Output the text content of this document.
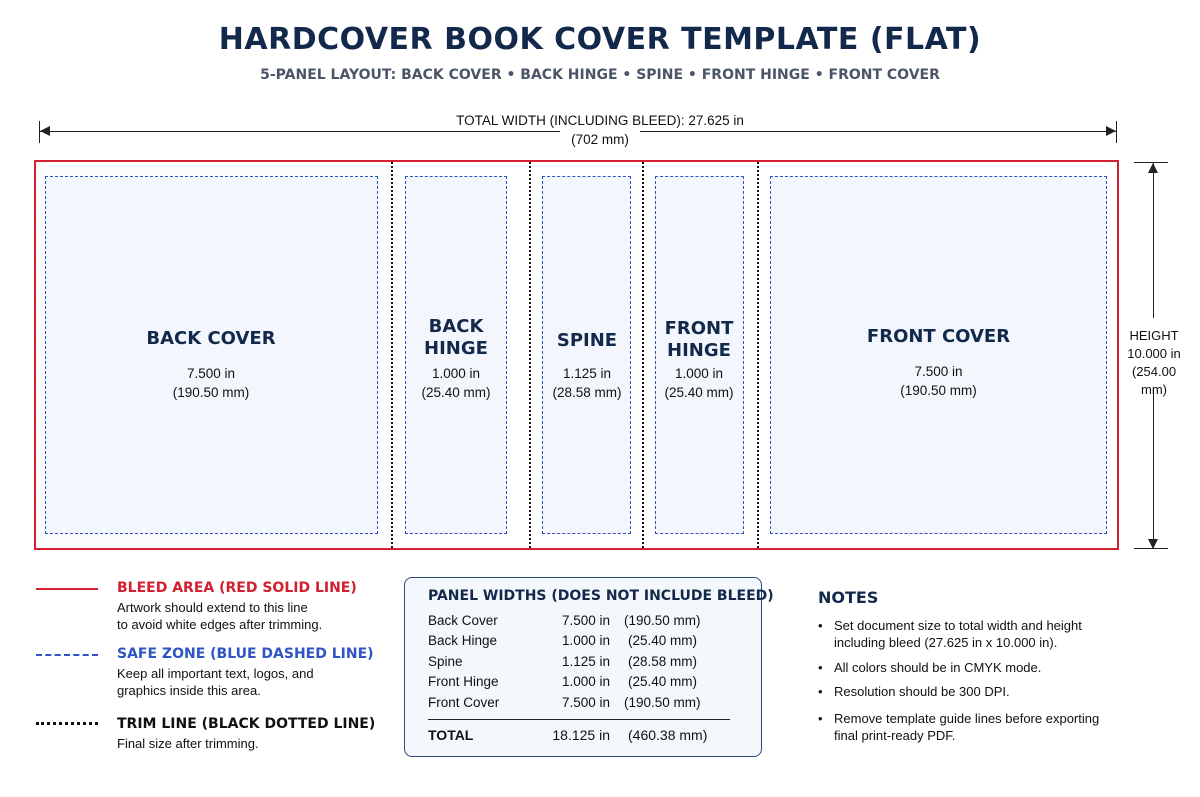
HARDCOVER BOOK COVER TEMPLATE (FLAT)
5-PANEL LAYOUT: BACK COVER • BACK HINGE • SPINE • FRONT HINGE • FRONT COVER
TOTAL WIDTH (INCLUDING BLEED): 27.625 in
(702 mm)
HEIGHT
10.000 in
(254.00 mm)
BACK COVER
7.500 in
(190.50 mm)
BACK
HINGE
1.000 in
(25.40 mm)
SPINE
1.125 in
(28.58 mm)
FRONT
HINGE
1.000 in
(25.40 mm)
FRONT COVER
7.500 in
(190.50 mm)
BLEED AREA (RED SOLID LINE)
Artwork should extend to this line
to avoid white edges after trimming.
SAFE ZONE (BLUE DASHED LINE)
Keep all important text, logos, and
graphics inside this area.
TRIM LINE (BLACK DOTTED LINE)
Final size after trimming.
PANEL WIDTHS (DOES NOT INCLUDE BLEED)
Back Cover	7.500 in (190.50 mm)
Back Hinge	1.000 in (25.40 mm)
Spine	1.125 in (28.58 mm)
Front Hinge	1.000 in (25.40 mm)
Front Cover	7.500 in (190.50 mm)
TOTAL	18.125 in (460.38 mm)
NOTES
• Set document size to total width and height
including bleed (27.625 in x 10.000 in).
• All colors should be in CMYK mode.
• Resolution should be 300 DPI.
• Remove template guide lines before exporting
final print-ready PDF.
